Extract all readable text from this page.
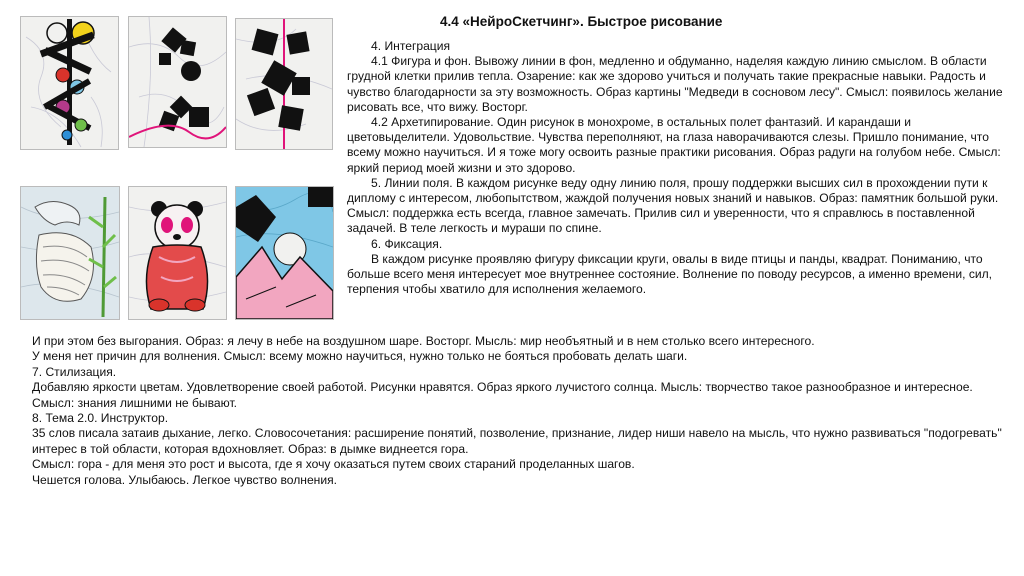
4.4 «НейроСкетчинг». Быстрое рисование

4. Интеграция

4.1 Фигура и фон. Вывожу линии в фон, медленно и обдуманно, наделяя каждую линию смыслом. В области грудной клетки прилив тепла. Озарение: как же здорово учиться и получать такие прекрасные навыки. Радость и чувство благодарности за эту возможность. Образ картины "Медведи в сосновом лесу". Смысл: появилось желание рисовать все, что вижу. Восторг.

4.2 Архетипирование. Один рисунок в монохроме, в остальных полет фантазий. И карандаши и цветовыделители. Удовольствие. Чувства переполняют, на глаза наворачиваются слезы. Пришло понимание, что всему можно научиться. И я тоже могу освоить разные практики рисования. Образ радуги на голубом небе. Смысл: яркий период моей жизни и это здорово.

5. Линии поля. В каждом рисунке веду одну линию поля, прошу поддержки высших сил в прохождении пути к диплому с интересом, любопытством, жаждой получения новых знаний и навыков. Образ: памятник большой руки. Смысл: поддержка есть всегда, главное замечать. Прилив сил и уверенности, что я справлюсь в поставленной задачей. В теле легкость и мураши по спине.

6. Фиксация.

В каждом рисунке проявляю фигуру фиксации круги, овалы в виде птицы и панды, квадрат. Пониманию, что больше всего меня интересует мое внутреннее состояние. Волнение по поводу ресурсов, а именно времени, сил, терпения чтобы хватило для исполнения желаемого.

И при этом без выгорания. Образ: я лечу в небе на воздушном шаре. Восторг. Мысль: мир необъятный и в нем столько всего интересного.

У меня нет причин для волнения. Смысл: всему можно научиться, нужно только не бояться пробовать делать шаги.

7. Стилизация.

Добавляю яркости цветам. Удовлетворение своей работой. Рисунки нравятся. Образ яркого лучистого солнца. Мысль: творчество такое разнообразное и интересное. Смысл: знания лишними не бывают.

8. Тема 2.0. Инструктор.

35 слов писала затаив дыхание, легко. Словосочетания: расширение понятий, позволение, признание, лидер ниши навело на мысль, что нужно развиваться "подогревать" интерес в той области, которая вдохновляет. Образ: в дымке виднеется гора.

Смысл: гора - для меня это рост и высота, где я хочу оказаться путем своих стараний проделанных шагов.

Чешется голова. Улыбаюсь. Легкое чувство волнения.
